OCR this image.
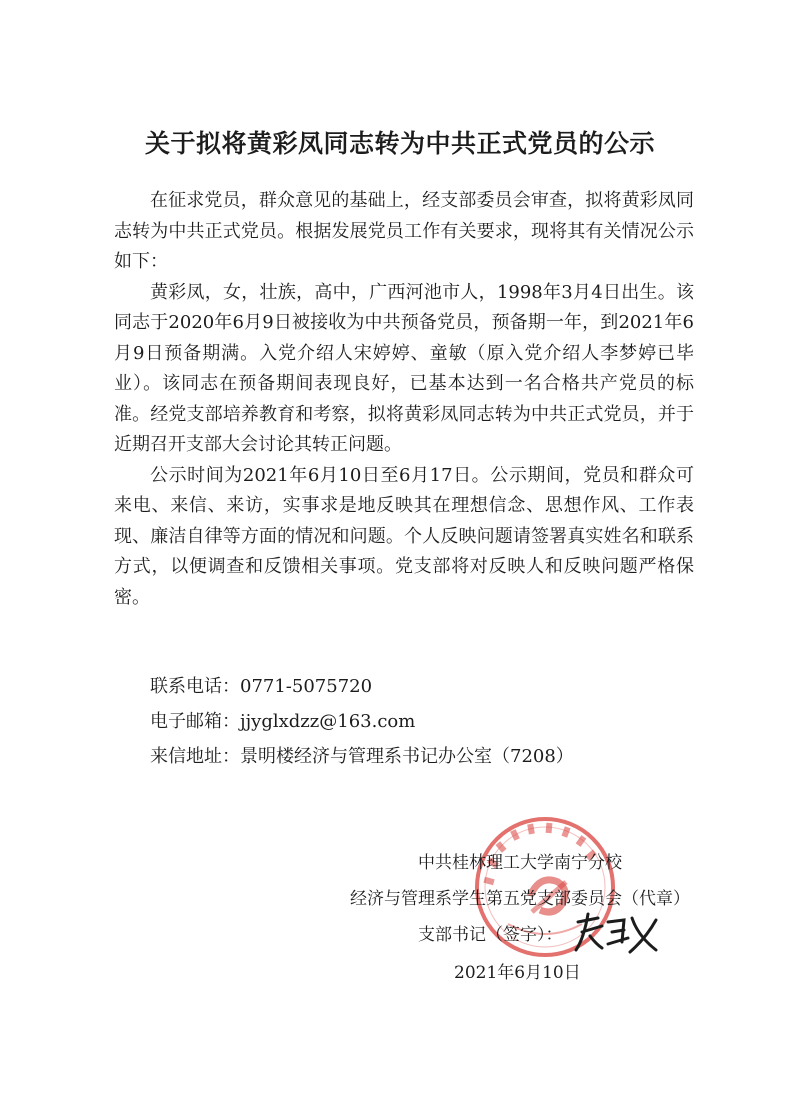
关于拟将黄彩凤同志转为中共正式党员的公示

在征求党员，群众意见的基础上，经支部委员会审查，拟将黄彩凤同志转为中共正式党员。根据发展党员工作有关要求，现将其有关情况公示如下：

黄彩凤，女，壮族，高中，广西河池市人，1998年3月4日出生。该同志于2020年6月9日被接收为中共预备党员，预备期一年，到2021年6月9日预备期满。入党介绍人宋婷婷、童敏（原入党介绍人李梦婷已毕业）。该同志在预备期间表现良好，已基本达到一名合格共产党员的标准。经党支部培养教育和考察，拟将黄彩凤同志转为中共正式党员，并于近期召开支部大会讨论其转正问题。

公示时间为2021年6月10日至6月17日。公示期间，党员和群众可来电、来信、来访，实事求是地反映其在理想信念、思想作风、工作表现、廉洁自律等方面的情况和问题。个人反映问题请签署真实姓名和联系方式，以便调查和反馈相关事项。党支部将对反映人和反映问题严格保密。

联系电话：0771-5075720
电子邮箱：jjyglxdzz@163.com
来信地址：景明楼经济与管理系书记办公室（7208）
中共桂林理工大学南宁分校
经济与管理系学生第五党支部委员会（代章）
支部书记（签字）：
2021年6月10日
